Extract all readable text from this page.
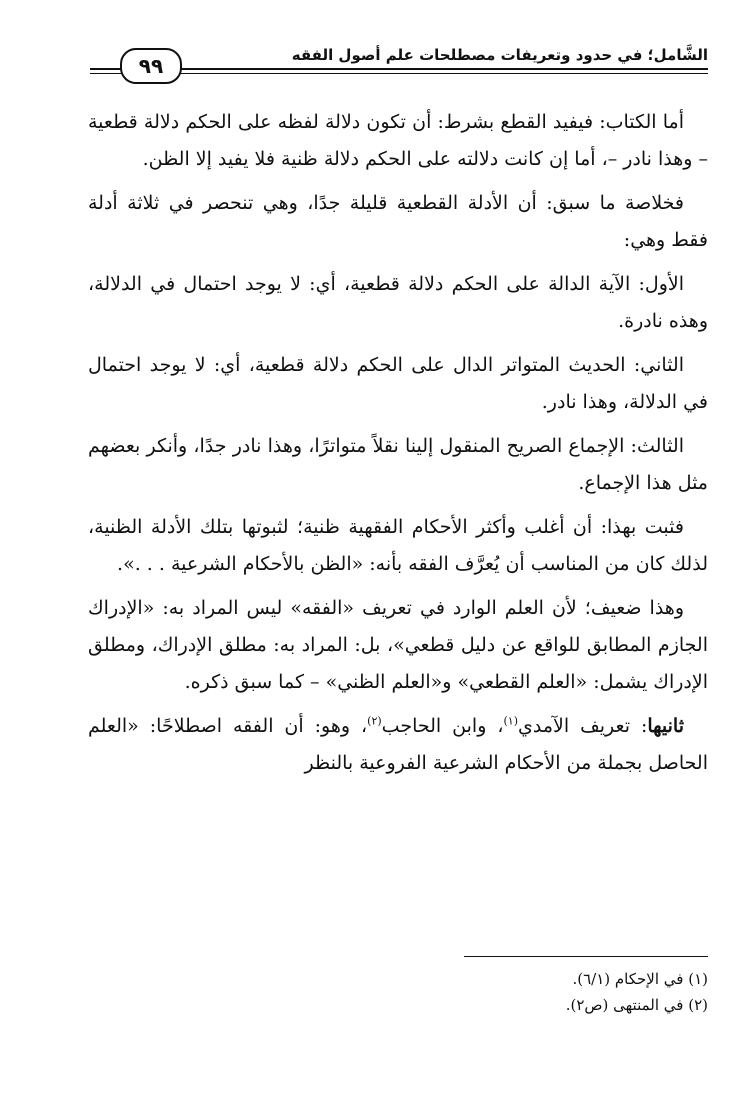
الشَّامل؛ في حدود وتعريفات مصطلحات علم أصول الفقه
٩٩

أما الكتاب: فيفيد القطع بشرط: أن تكون دلالة لفظه على الحكم دلالة قطعية – وهذا نادر –، أما إن كانت دلالته على الحكم دلالة ظنية فلا يفيد إلا الظن.

فخلاصة ما سبق: أن الأدلة القطعية قليلة جدًا، وهي تنحصر في ثلاثة أدلة فقط وهي:

الأول: الآية الدالة على الحكم دلالة قطعية، أي: لا يوجد احتمال في الدلالة، وهذه نادرة.

الثاني: الحديث المتواتر الدال على الحكم دلالة قطعية، أي: لا يوجد احتمال في الدلالة، وهذا نادر.

الثالث: الإجماع الصريح المنقول إلينا نقلاً متواترًا، وهذا نادر جدًا، وأنكر بعضهم مثل هذا الإجماع.

فثبت بهذا: أن أغلب وأكثر الأحكام الفقهية ظنية؛ لثبوتها بتلك الأدلة الظنية، لذلك كان من المناسب أن يُعرَّف الفقه بأنه: «الظن بالأحكام الشرعية . . .».

وهذا ضعيف؛ لأن العلم الوارد في تعريف «الفقه» ليس المراد به: «الإدراك الجازم المطابق للواقع عن دليل قطعي»، بل: المراد به: مطلق الإدراك، ومطلق الإدراك يشمل: «العلم القطعي» و«العلم الظني» – كما سبق ذكره.

ثانيها: تعريف الآمدي$^{(١)}$، وابن الحاجب$^{(٢)}$، وهو: أن الفقه اصطلاحًا: «العلم الحاصل بجملة من الأحكام الشرعية الفروعية بالنظر

(١) في الإحكام (٦/١).
(٢) في المنتهى (ص٢).
